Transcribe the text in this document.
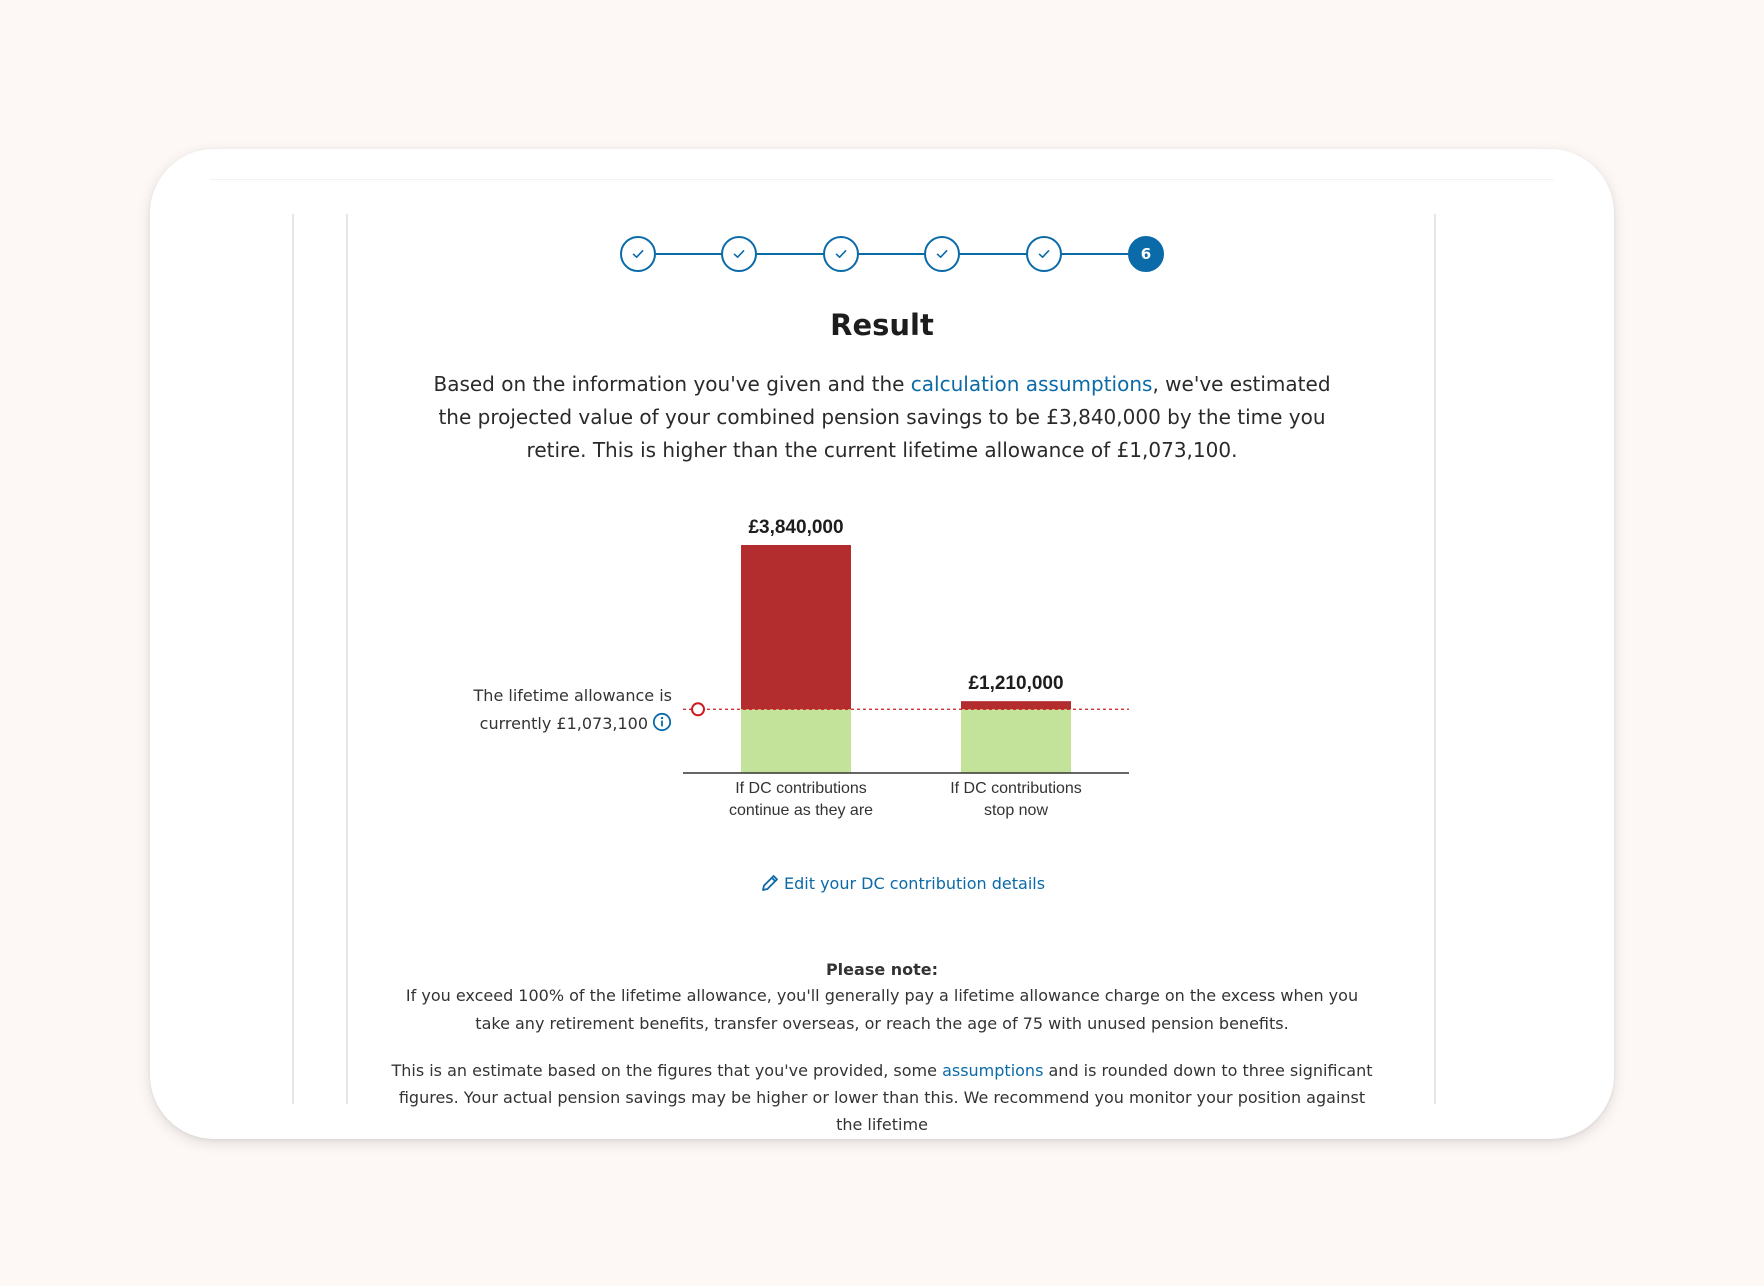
6
Result
Based on the information you've given and the calculation assumptions, we've estimated the projected value of your combined pension savings to be £3,840,000 by the time you retire. This is higher than the current lifetime allowance of £1,073,100.
£3,840,000
£1,210,000
If DC contributions
continue as they are
If DC contributions
stop now
The lifetime allowance is
currently £1,073,100
Edit your DC contribution details
Please note:
If you exceed 100% of the lifetime allowance, you'll generally pay a lifetime allowance charge on the excess when you take any retirement benefits, transfer overseas, or reach the age of 75 with unused pension benefits.
This is an estimate based on the figures that you've provided, some assumptions and is rounded down to three significant figures. Your actual pension savings may be higher or lower than this. We recommend you monitor your position against the lifetime
